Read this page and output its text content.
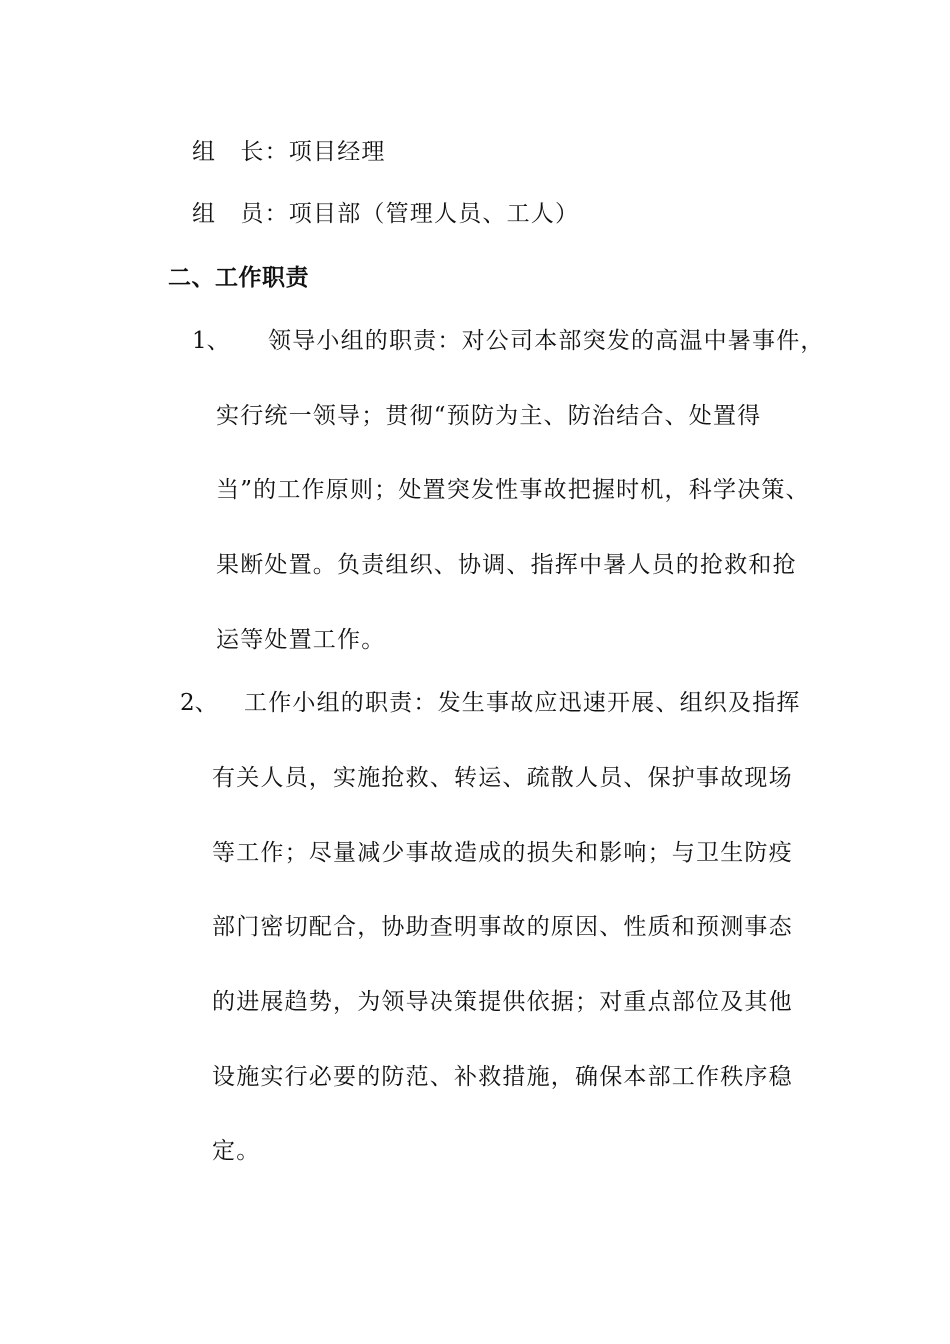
组　长：项目经理
组　员：项目部（管理人员、工人）
二、工作职责
1、 领导小组的职责：对公司本部突发的高温中暑事件，
实行统一领导；贯彻“预防为主、防治结合、处置得
当”的工作原则；处置突发性事故把握时机，科学决策、
果断处置。负责组织、协调、指挥中暑人员的抢救和抢
运等处置工作。
2、 工作小组的职责：发生事故应迅速开展、组织及指挥
有关人员，实施抢救、转运、疏散人员、保护事故现场
等工作；尽量减少事故造成的损失和影响；与卫生防疫
部门密切配合，协助查明事故的原因、性质和预测事态
的进展趋势，为领导决策提供依据；对重点部位及其他
设施实行必要的防范、补救措施，确保本部工作秩序稳
定。
